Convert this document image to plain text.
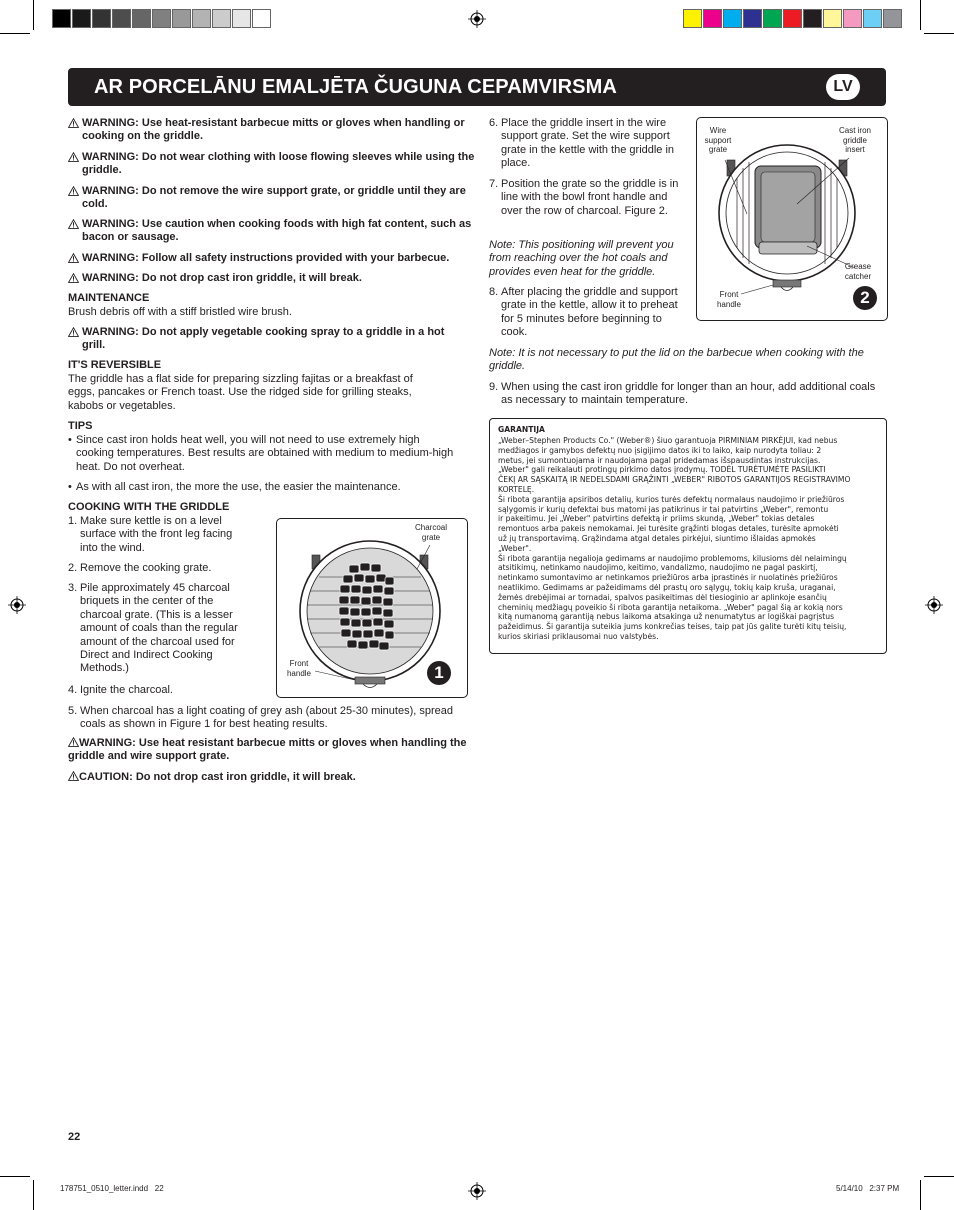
AR PORCELĀNU EMALJĒTA ČUGUNA CEPAMVIRSMA	LV
WARNING: Use heat-resistant barbecue mitts or gloves when handling or cooking on the griddle.
WARNING: Do not wear clothing with loose flowing sleeves while using the griddle.
WARNING: Do not remove the wire support grate, or griddle until they are cold.
WARNING: Use caution when cooking foods with high fat content, such as bacon or sausage.
WARNING: Follow all safety instructions provided with your barbecue.
WARNING: Do not drop cast iron griddle, it will break.
MAINTENANCE
Brush debris off with a stiff bristled wire brush.
WARNING: Do not apply vegetable cooking spray to a griddle in a hot grill.
IT'S REVERSIBLE
The griddle has a flat side for preparing sizzling fajitas or a breakfast of eggs, pancakes or French toast. Use the ridged side for grilling steaks, kabobs or vegetables.
TIPS
• Since cast iron holds heat well, you will not need to use extremely high cooking temperatures. Best results are obtained with medium to medium-high heat. Do not overheat.
• As with all cast iron, the more the use, the easier the maintenance.
COOKING WITH THE GRIDDLE
1. Make sure kettle is on a level surface with the front leg facing into the wind.
2. Remove the cooking grate.
3. Pile approximately 45 charcoal briquets in the center of the charcoal grate. (This is a lesser amount of coals than the regular amount of the charcoal used for Direct and Indirect Cooking Methods.)
4. Ignite the charcoal.
5. When charcoal has a light coating of grey ash (about 25-30 minutes), spread coals as shown in Figure 1 for best heating results.
WARNING: Use heat resistant barbecue mitts or gloves when handling the griddle and wire support grate.
CAUTION: Do not drop cast iron griddle, it will break.
Charcoal grate
Front handle	1
6. Place the griddle insert in the wire support grate. Set the wire support grate in the kettle with the griddle in place.
7. Position the grate so the griddle is in line with the bowl front handle and over the row of charcoal. Figure 2.
Note: This positioning will prevent you from reaching over the hot coals and provides even heat for the griddle.
8. After placing the griddle and support grate in the kettle, allow it to preheat for 5 minutes before beginning to cook.
Note: It is not necessary to put the lid on the barbecue when cooking with the griddle.
9. When using the cast iron griddle for longer than an hour, add additional coals as necessary to maintain temperature.
Wire support grate
Cast iron griddle insert
Grease catcher
Front handle	2
GARANTIJA
„Weber–Stephen Products Co." (Weber®) šiuo garantuoja PIRMINIAM PIRKĖJUI, kad nebus
medžiagos ir gamybos defektų nuo įsigijimo datos iki to laiko, kaip nurodyta toliau: 2
metus, jei sumontuojama ir naudojama pagal pridedamas išspausdintas instrukcijas.
„Weber" gali reikalauti protingų pirkimo datos įrodymų. TODĖL TURĖTUMĖTE PASILIKTI
ČEKĮ AR SĄSKAITĄ IR NEDELSDAMI GRĄŽINTI „WEBER" RIBOTOS GARANTIJOS REGISTRAVIMO
KORTELĘ.
Ši ribota garantija apsiribos detalių, kurios turės defektų normalaus naudojimo ir priežiūros
sąlygomis ir kurių defektai bus matomi jas patikrinus ir tai patvirtins „Weber", remontu
ir pakeitimu. Jei „Weber" patvirtins defektą ir priims skundą, „Weber" tokias detales
remontuos arba pakeis nemokamai. Jei turėsite grąžinti blogas detales, turėsite apmokėti
už jų transportavimą. Grąžindama atgal detales pirkėjui, siuntimo išlaidas apmokės
„Weber".
Ši ribota garantija negalioja gedimams ar naudojimo problemoms, kilusioms dėl nelaimingų
atsitikimų, netinkamo naudojimo, keitimo, vandalizmo, naudojimo ne pagal paskirtį,
netinkamo sumontavimo ar netinkamos priežiūros arba įprastinės ir nuolatinės priežiūros
neatlikimo. Gedimams ar pažeidimams dėl prastų oro sąlygų, tokių kaip kruša, uraganai,
žemės drebėjimai ar tornadai, spalvos pasikeitimas dėl tiesioginio ar aplinkoje esančių
cheminių medžiagų poveikio ši ribota garantija netaikoma. „Weber" pagal šią ar kokią nors
kitą numanomą garantiją nebus laikoma atsakinga už nenumatytus ar logiškai pagrįstus
pažeidimus. Ši garantija suteikia jums konkrečias teises, taip pat jūs galite turėti kitų teisių,
kurios skiriasi priklausomai nuo valstybės.
22
178751_0510_letter.indd   22	5/14/10   2:37 PM
